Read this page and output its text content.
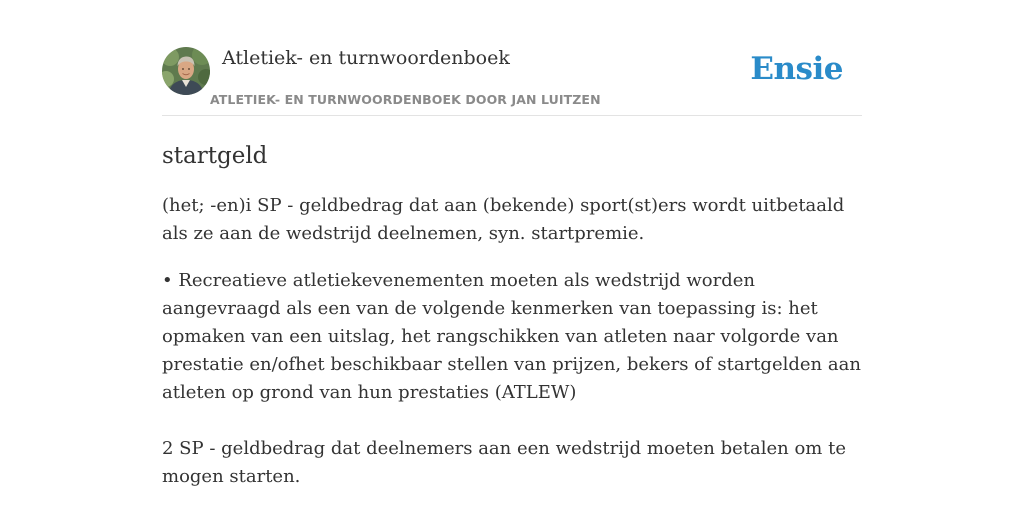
Atletiek- en turnwoordenboek
ATLETIEK- EN TURNWOORDENBOEK DOOR JAN LUITZEN
Ensie
startgeld

(het; -en)i SP - geldbedrag dat aan (bekende) sport(st)ers wordt uitbetaald als ze aan de wedstrijd deelnemen, syn. startpremie.

• Recreatieve atletiekevenementen moeten als wedstrijd worden aangevraagd als een van de volgende kenmerken van toepassing is: het opmaken van een uitslag, het rangschikken van atleten naar volgorde van prestatie en/ofhet beschikbaar stellen van prijzen, bekers of startgelden aan atleten op grond van hun prestaties (ATLEW)

2 SP - geldbedrag dat deelnemers aan een wedstrijd moeten betalen om te mogen starten.
